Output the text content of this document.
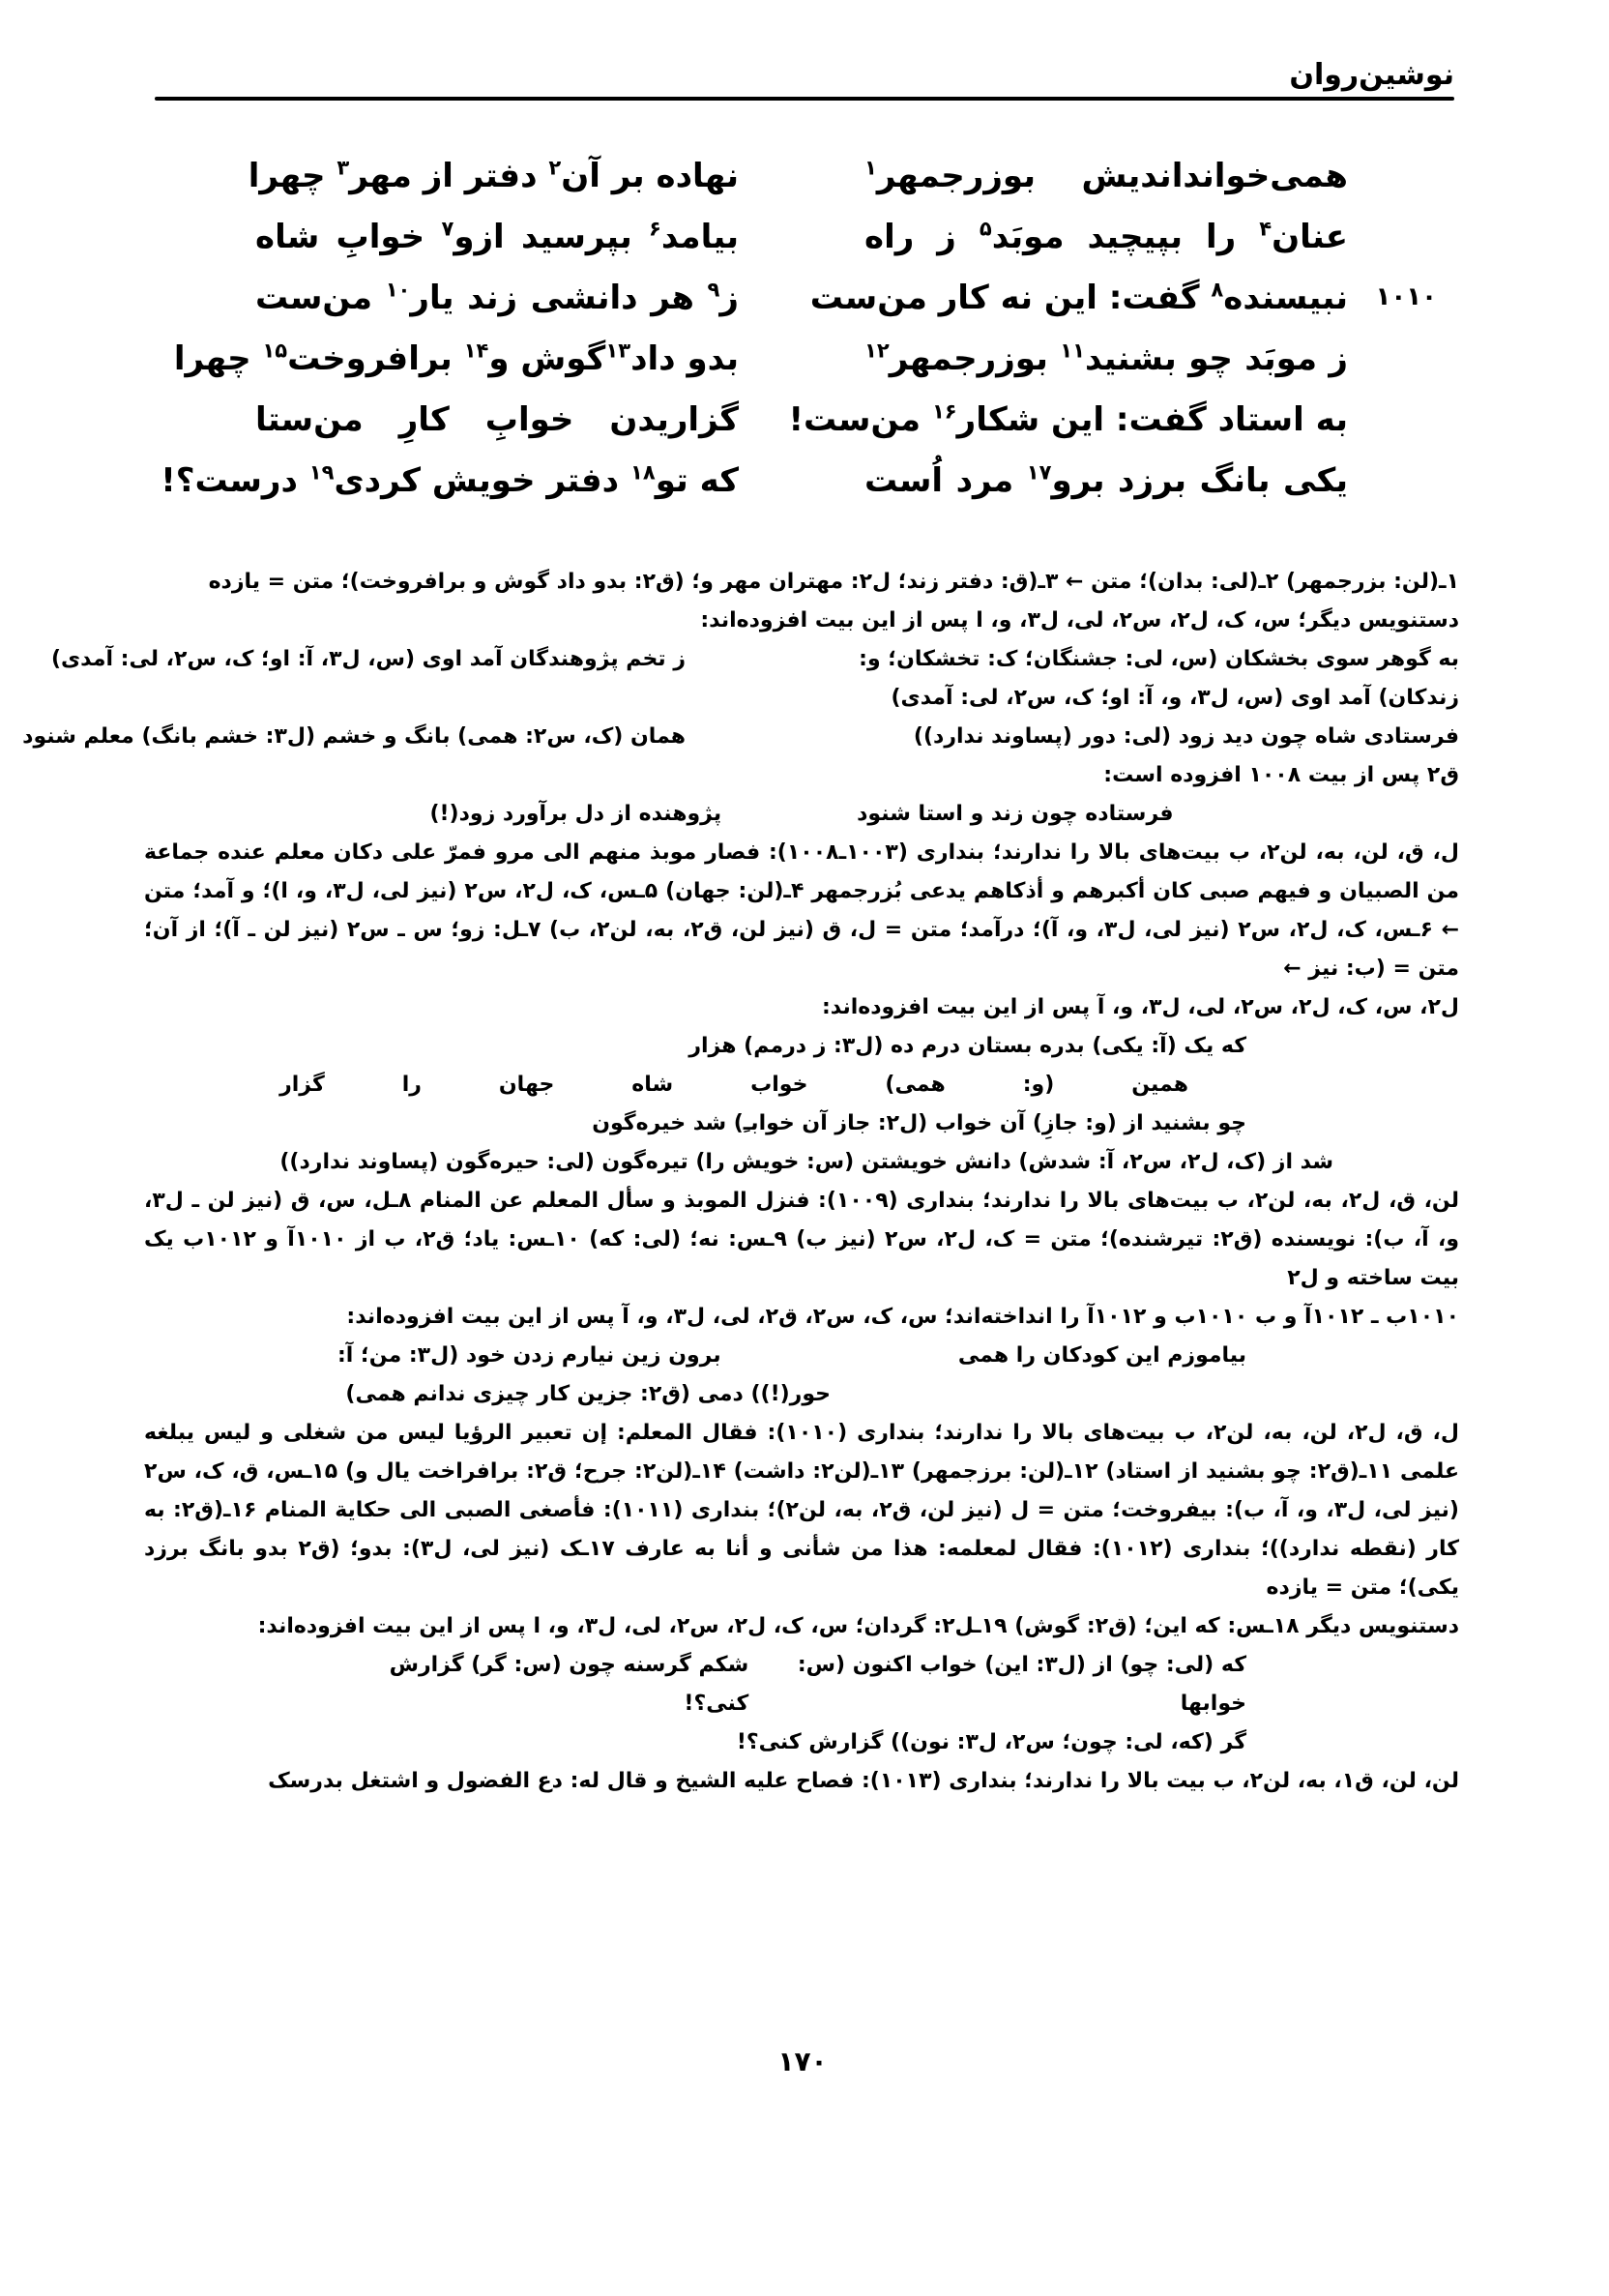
نوشین‌روان
همی‌خواند‌اندیش بوزرجمهر$^۱$
نهاده بر آن$^۲$ دفتر از مهر$^۳$ چهرا
عنان$^۴$ را بپیچید موبَد$^۵$ ز راه
بیامد$^۶$ بپرسید ازو$^۷$ خوابِ شاه
۱۰۱۰
نبیسنده$^۸$ گفت: این نه کار من‌ست
ز$^۹$ هر دانشی زند یار$^{۱۰}$ من‌ست
ز موبَد چو بشنید$^{۱۱}$ بوزرجمهر$^{۱۲}$
بدو داد$^{۱۳}$گوش و$^{۱۴}$ برافروخت$^{۱۵}$ چهرا
به استاد گفت: این شکار$^{۱۶}$ من‌ست!
گزاریدن خوابِ کارِ من‌ستا
یکی بانگ برزد برو$^{۱۷}$ مرد اُست
که تو$^{۱۸}$ دفتر خویش کردی$^{۱۹}$ درست؟!

۱ـ(لن: بزرجمهر) ۲ـ(لی: بدان)؛ متن ← ۳ـ(ق: دفتر زند؛ ل۲: مهتران مهر و؛ (ق۲: بدو داد گوش و برافروخت)؛ متن = یازده

دستنویس دیگر؛ س، ک، ل۲، س۲، لی، ل۳، و، ا پس از این بیت افزوده‌اند:

به گوهر سوی بخشکان (س، لی: جشنگان؛ ک: تخشکان؛ و:
ز تخم پژوهندگان آمد اوی (س، ل۳، آ: او؛ ک، س۲، لی: آمدی)

زندکان) آمد اوی (س، ل۳، و، آ: او؛ ک، س۲، لی: آمدی)

فرستادی شاه چون دید زود (لی: دور (پساوند ندارد))
همان (ک، س۲: همی) بانگ و خشم (ل۳: خشم بانگ) معلم شنود

ق۲ پس از بیت ۱۰۰۸ افزوده است:

فرستاده چون زند و استا شنود
پژوهنده از دل برآورد زود(!)

ل، ق، لن، به، لن۲، ب بیت‌های بالا را ندارند؛ بنداری (۱۰۰۳ـ۱۰۰۸): فصار موبذ منهم الی مرو فمرّ علی دکان معلم عنده جماعة من الصبیان و فیهم صبی کان أکبرهم و أذکاهم یدعی بُزرجمهر ۴ـ(لن: جهان) ۵ـس، ک، ل۲، س۲ (نیز لی، ل۳، و، ا)؛ و آمد؛ متن ← ۶ـس، ک، ل۲، س۲ (نیز لی، ل۳، و، آ)؛ درآمد؛ متن = ل، ق (نیز لن، ق۲، به، لن۲، ب) ۷ـل: زو؛ س ـ س۲ (نیز لن ـ آ)؛ از آن؛ متن = (ب: نیز ←

ل۲، س، ک، ل۲، س۲، لی، ل۳، و، آ پس از این بیت افزوده‌اند:

که یک (آ: یکی) بدره بستان درم ده (ل۳: ز درمم) هزار
همین
(و:
همی)
خواب
شاه
جهان
را
گزار
چو بشنید از (و: جازِ) آن خواب (ل۲: جاز آن خوابـِ) شد خیره‌گون
شد از (ک، ل۲، س۲، آ: شدش) دانش خویشتن (س: خویش را) تیره‌گون (لی: حیره‌گون (پساوند ندارد))

لن، ق، ل۲، به، لن۲، ب بیت‌های بالا را ندارند؛ بنداری (۱۰۰۹): فنزل الموبذ و سأل المعلم عن المنام ۸ـل، س، ق (نیز لن ـ ل۳، و، آ، ب): نویسنده (ق۲: تیرشنده)؛ متن = ک، ل۲، س۲ (نیز ب) ۹ـس: نه؛ (لی: که) ۱۰ـس: یاد؛ ق۲، ب از ۱۰۱۰آ و ۱۰۱۲ب یک بیت ساخته و ل۲

۱۰۱۰ب ـ ۱۰۱۲آ و ب ۱۰۱۰ب و ۱۰۱۲آ را انداخته‌اند؛ س، ک، س۲، ق۲، لی، ل۳، و، آ پس از این بیت افزوده‌اند:

بیاموزم این کودکان را همی
برون زین نیارم زدن خود (ل۳: من؛ آ:
حور(!)) دمی (ق۲: جزین کار چیزی ندانم همی)

ل، ق، ل۲، لن، به، لن۲، ب بیت‌های بالا را ندارند؛ بنداری (۱۰۱۰): فقال المعلم: إن تعبیر الرؤیا لیس من شغلی و لیس یبلغه علمی ۱۱ـ(ق۲: چو بشنید از استاد) ۱۲ـ(لن: برزجمهر) ۱۳ـ(لن۲: داشت) ۱۴ـ(لن۲: جرح؛ ق۲: برافراخت یال و) ۱۵ـس، ق، ک، س۲ (نیز لی، ل۳، و، آ، ب): بیفروخت؛ متن = ل (نیز لن، ق۲، به، لن۲)؛ بنداری (۱۰۱۱): فأصغی الصبی الی حکایة المنام ۱۶ـ(ق۲: به کار (نقطه ندارد))؛ بنداری (۱۰۱۲): فقال لمعلمه: هذا من شأنی و أنا به عارف ۱۷ـک (نیز لی، ل۳): بدو؛ (ق۲ بدو بانگ برزد یکی)؛ متن = یازده

دستنویس دیگر ۱۸ـس: که این؛ (ق۲: گوش) ۱۹ـل۲: گردان؛ س، ک، ل۲، س۲، لی، ل۳، و، ا پس از این بیت افزوده‌اند:

که (لی: چو) از (ل۳: این) خواب اکنون (س: خوابها
شکم گرسنه چون (س: گر) گزارش کنی؟!
گر (که، لی: چون؛ س۲، ل۳: نون)) گزارش کنی؟!

لن، لن، ق۱، به، لن۲، ب بیت بالا را ندارند؛ بنداری (۱۰۱۳): فصاح علیه الشیخ و قال له: دع الفضول و اشتغل بدرسک

۱۷۰
